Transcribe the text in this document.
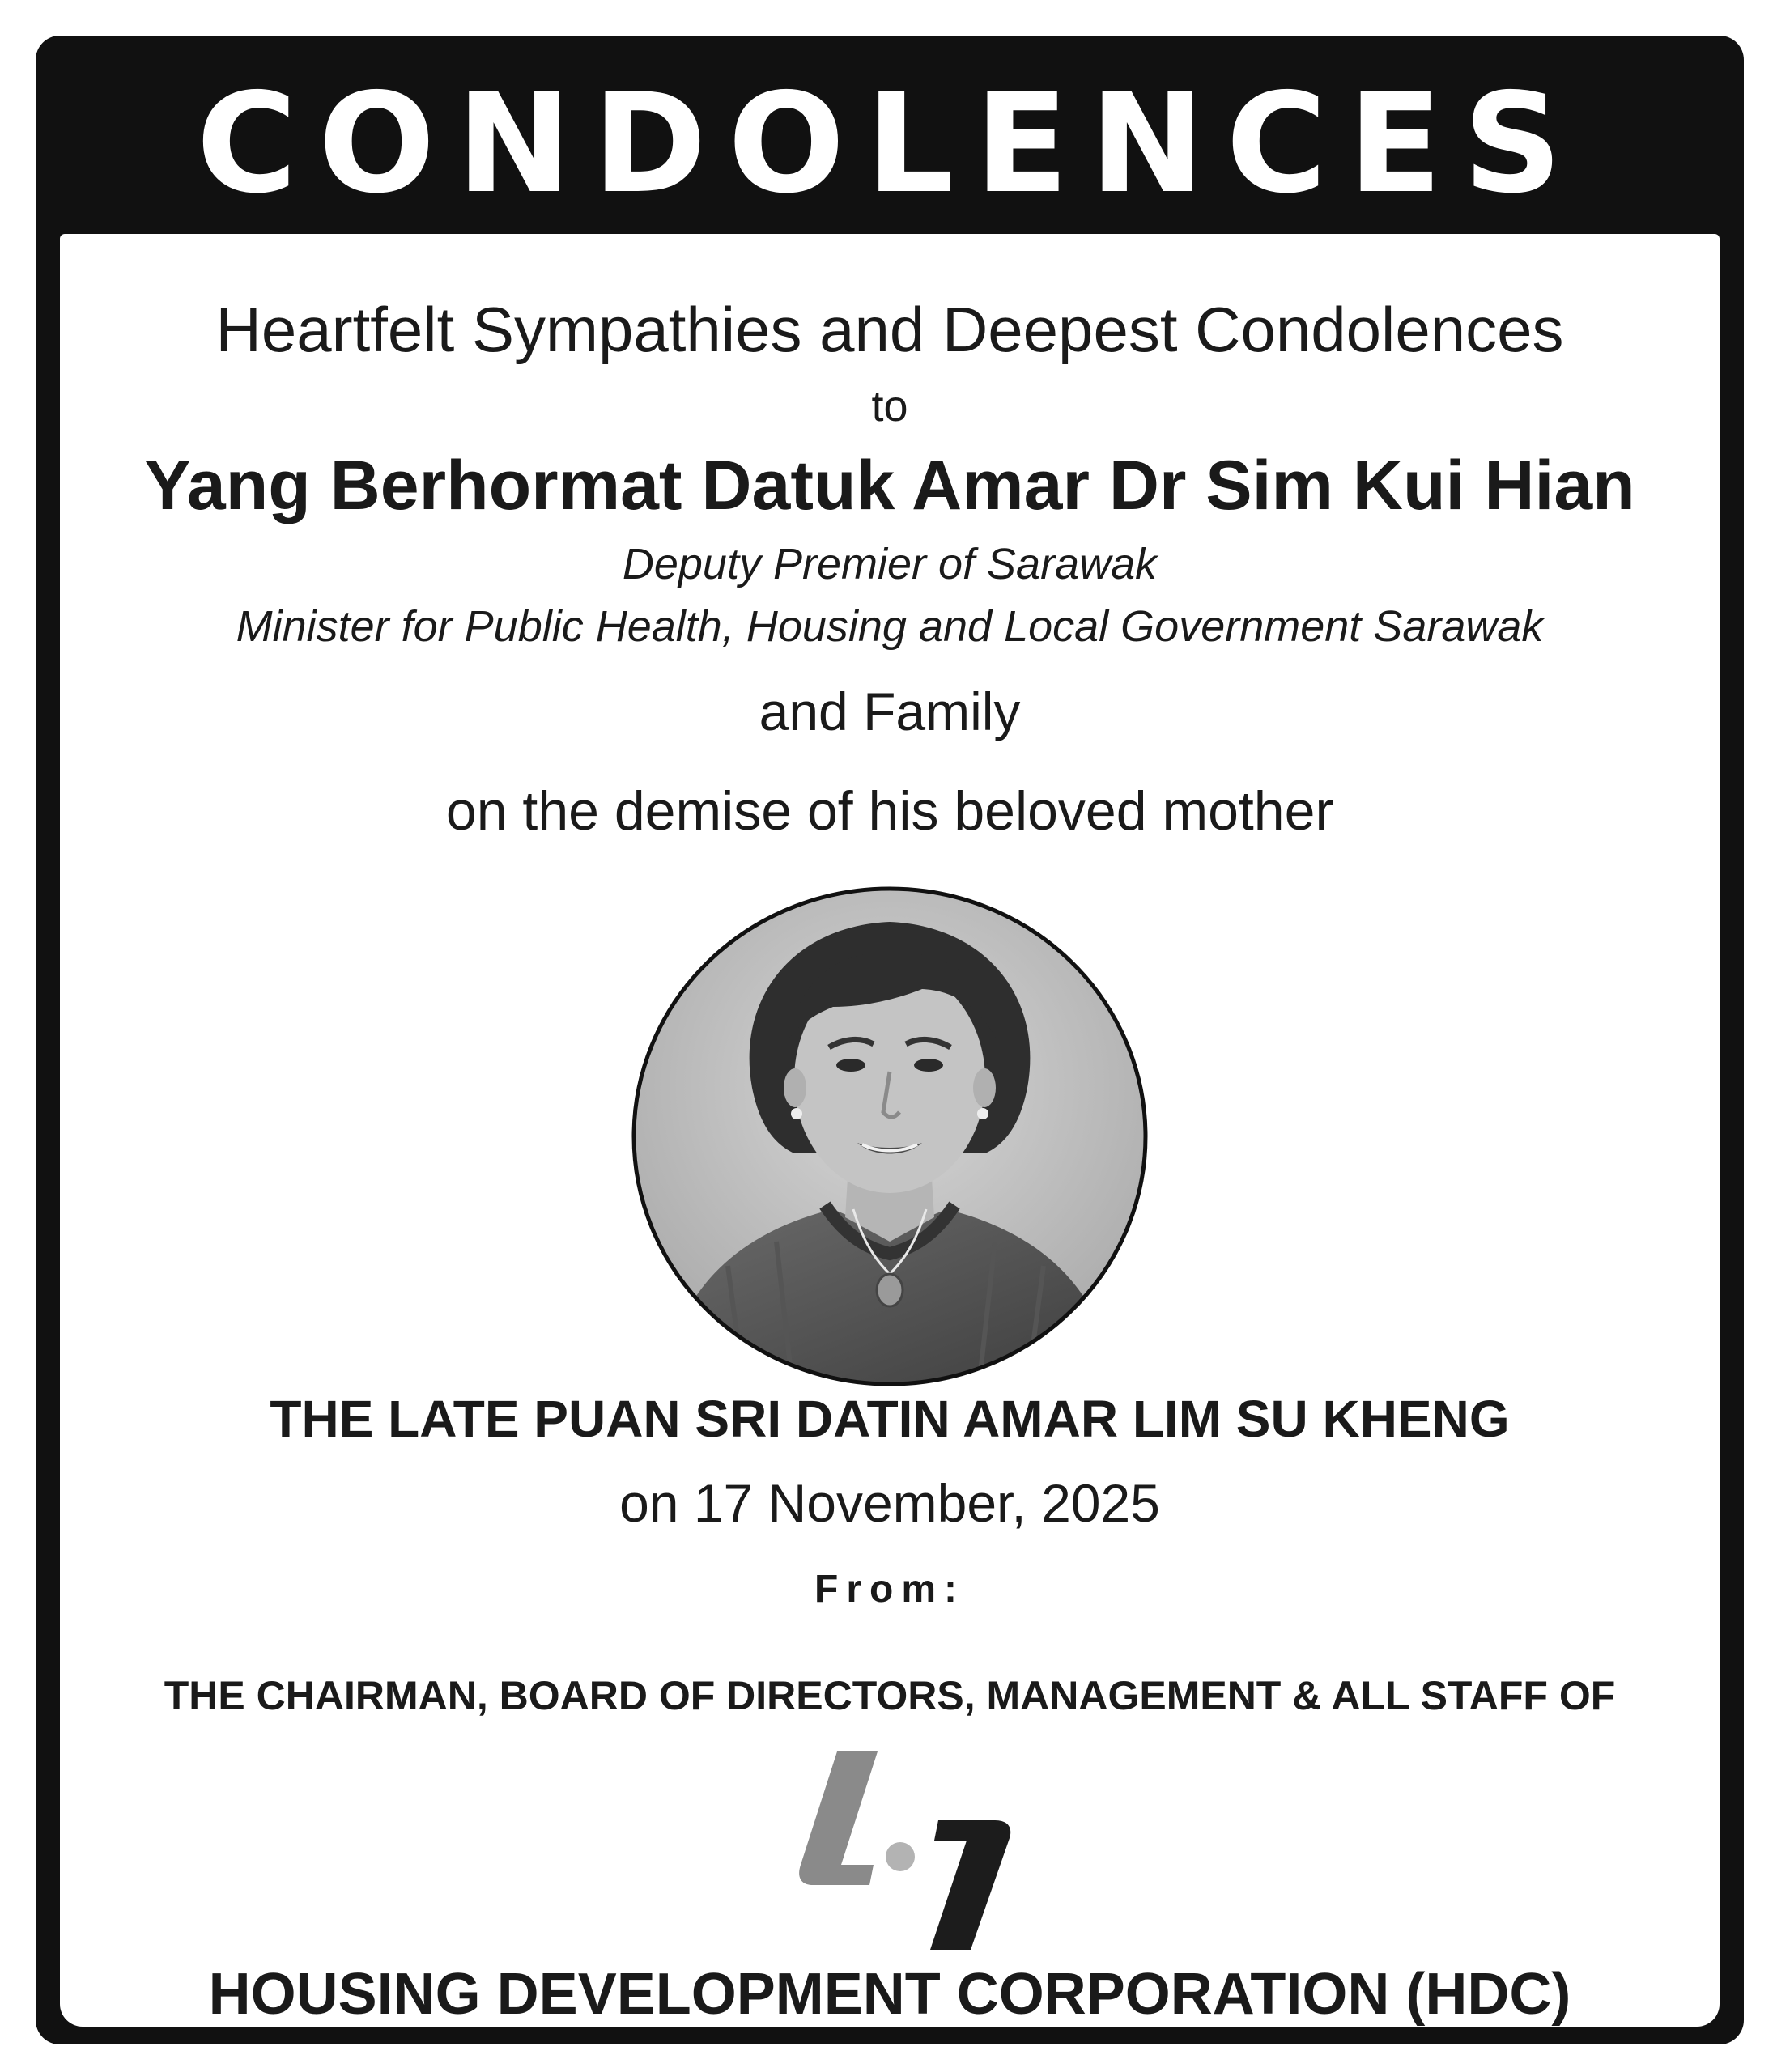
CONDOLENCES
Heartfelt Sympathies and Deepest Condolences
to
Yang Berhormat Datuk Amar Dr Sim Kui Hian
Deputy Premier of Sarawak
Minister for Public Health, Housing and Local Government Sarawak
and Family
on the demise of his beloved mother
THE LATE PUAN SRI DATIN AMAR LIM SU KHENG
on 17 November, 2025
From:
THE CHAIRMAN, BOARD OF DIRECTORS, MANAGEMENT & ALL STAFF OF
HOUSING DEVELOPMENT CORPORATION (HDC)
